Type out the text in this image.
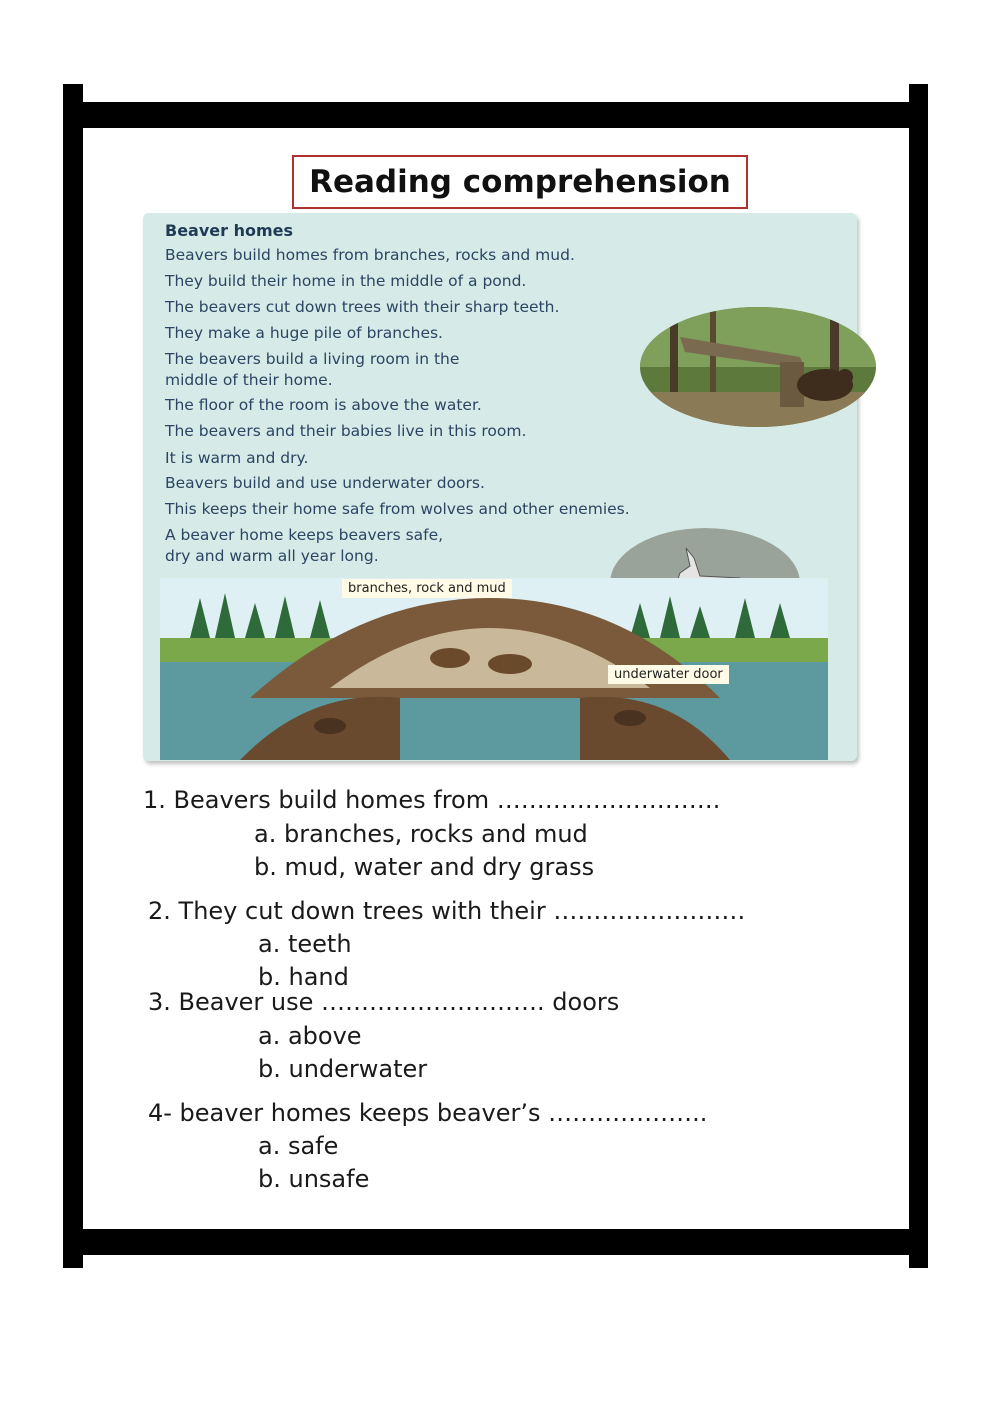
Reading comprehension
Beaver homes
Beavers build homes from branches, rocks and mud.
They build their home in the middle of a pond.
The beavers cut down trees with their sharp teeth.
They make a huge pile of branches.
The beavers build a living room in the
middle of their home.
The floor of the room is above the water.
The beavers and their babies live in this room.
It is warm and dry.
Beavers build and use underwater doors.
This keeps their home safe from wolves and other enemies.
A beaver home keeps beavers safe,
dry and warm all year long.
branches, rock and mud
underwater door
1. Beavers build homes from ……………………….
a. branches, rocks and mud
b. mud, water and dry grass
2. They cut down trees with their ……………………
a. teeth
b. hand
3. Beaver use ………………………. doors
a. above
b. underwater
4- beaver homes keeps beaver’s ………………..
a. safe
b. unsafe
